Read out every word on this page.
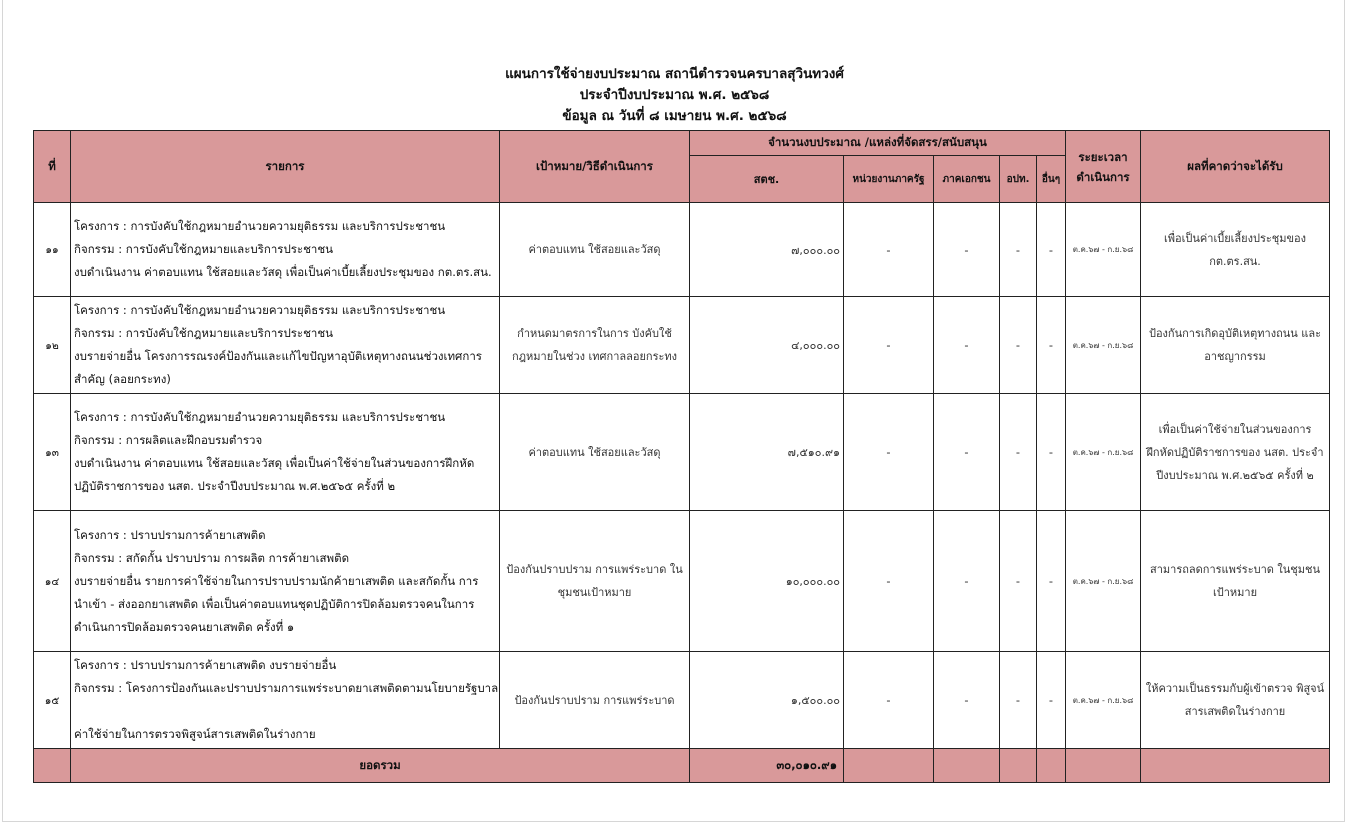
แผนการใช้จ่ายงบประมาณ สถานีตำรวจนครบาลสุวินทวงศ์
ประจำปีงบประมาณ พ.ศ. ๒๕๖๘
ข้อมูล ณ วันที่ ๘ เมษายน พ.ศ. ๒๕๖๘
ที่	รายการ	เป้าหมาย/วิธีดำเนินการ	จำนวนงบประมาณ /แหล่งที่จัดสรร/สนับสนุน					ระยะเวลา ดำเนินการ	ผลที่คาดว่าจะได้รับ
			สตช.	หน่วยงานภาครัฐ	ภาคเอกชน	อปท.	อื่นๆ		
๑๑	โครงการ : การบังคับใช้กฎหมายอำนวยความยุติธรรม และบริการประชาชน
กิจกรรม : การบังคับใช้กฎหมายและบริการประชาชน
งบดำเนินงาน ค่าตอบแทน ใช้สอยและวัสดุ เพื่อเป็นค่าเบี้ยเลี้ยงประชุมของ กต.ตร.สน.	ค่าตอบแทน ใช้สอยและวัสดุ	๗,๐๐๐.๐๐	-	-	-	-	ต.ค.๖๗ - ก.ย.๖๘	เพื่อเป็นค่าเบี้ยเลี้ยงประชุมของ กต.ตร.สน.
๑๒	โครงการ : การบังคับใช้กฎหมายอำนวยความยุติธรรม และบริการประชาชน
กิจกรรม : การบังคับใช้กฎหมายและบริการประชาชน
งบรายจ่ายอื่น โครงการรณรงค์ป้องกันและแก้ไขปัญหาอุบัติเหตุทางถนนช่วงเทศการ
สำคัญ (ลอยกระทง)	กำหนดมาตรการในการ บังคับใช้กฎหมายในช่วง เทศกาลลอยกระทง	๔,๐๐๐.๐๐	-	-	-	-	ต.ค.๖๗ - ก.ย.๖๘	ป้องกันการเกิดอุบัติเหตุทางถนน และ อาชญากรรม
๑๓	โครงการ : การบังคับใช้กฎหมายอำนวยความยุติธรรม และบริการประชาชน
กิจกรรม : การผลิตและฝึกอบรมตำรวจ
งบดำเนินงาน ค่าตอบแทน ใช้สอยและวัสดุ เพื่อเป็นค่าใช้จ่ายในส่วนของการฝึกหัด
ปฏิบัติราชการของ นสต. ประจำปีงบประมาณ พ.ศ.๒๕๖๕ ครั้งที่ ๒	ค่าตอบแทน ใช้สอยและวัสดุ	๗,๕๑๐.๙๑	-	-	-	-	ต.ค.๖๗ - ก.ย.๖๘	เพื่อเป็นค่าใช้จ่ายในส่วนของการ ฝึกหัดปฏิบัติราชการของ นสต. ประจำปีงบประมาณ พ.ศ.๒๕๖๕ ครั้งที่ ๒
๑๔	โครงการ : ปราบปรามการค้ายาเสพติด
กิจกรรม : สกัดกั้น ปราบปราม การผลิต การค้ายาเสพติด
งบรายจ่ายอื่น รายการค่าใช้จ่ายในการปราบปรามนักค้ายาเสพติด และสกัดกั้น การ
นำเข้า - ส่งออกยาเสพติด เพื่อเป็นค่าตอบแทนชุดปฏิบัติการปิดล้อมตรวจคนในการ
ดำเนินการปิดล้อมตรวจคนยาเสพติด ครั้งที่ ๑	ป้องกันปราบปราม การแพร่ระบาด ในชุมชนเป้าหมาย	๑๐,๐๐๐.๐๐	-	-	-	-	ต.ค.๖๗ - ก.ย.๖๘	สามารถลดการแพร่ระบาด ในชุมชน เป้าหมาย
๑๕	โครงการ : ปราบปรามการค้ายาเสพติด งบรายจ่ายอื่น
กิจกรรม : โครงการป้องกันและปราบปรามการแพร่ระบาดยาเสพติดตามนโยบายรัฐบาล
ค่าใช้จ่ายในการตรวจพิสูจน์สารเสพติดในร่างกาย	ป้องกันปราบปราม การแพร่ระบาด	๑,๕๐๐.๐๐	-	-	-	-	ต.ค.๖๗ - ก.ย.๖๘	ให้ความเป็นธรรมกับผู้เข้าตรวจ พิสูจน์สารเสพติดในร่างกาย
	ยอดรวม		๓๐,๐๑๐.๙๑						
